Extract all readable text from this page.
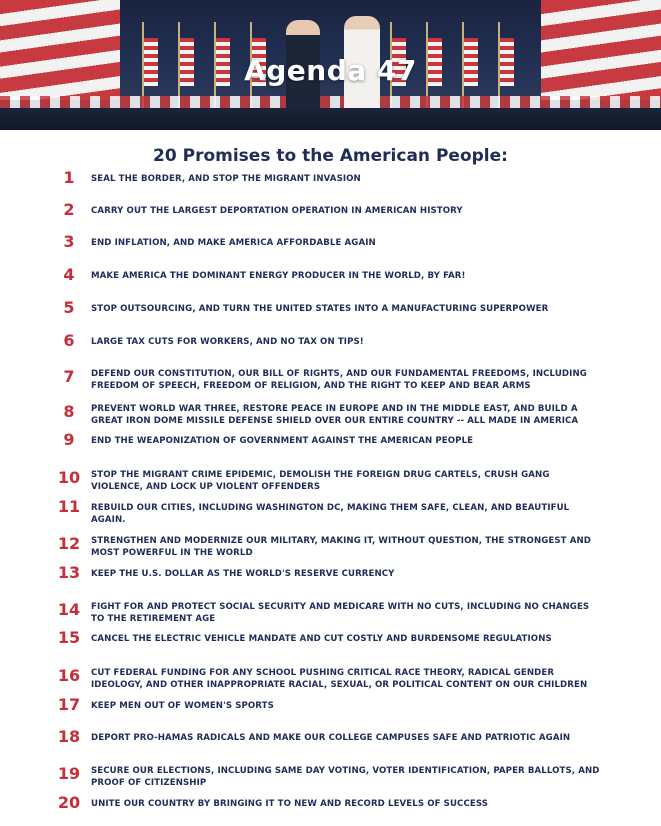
Agenda 47
20 Promises to the American People:
1	SEAL THE BORDER, AND STOP THE MIGRANT INVASION
2	CARRY OUT THE LARGEST DEPORTATION OPERATION IN AMERICAN HISTORY
3	END INFLATION, AND MAKE AMERICA AFFORDABLE AGAIN
4	MAKE AMERICA THE DOMINANT ENERGY PRODUCER IN THE WORLD, BY FAR!
5	STOP OUTSOURCING, AND TURN THE UNITED STATES INTO A MANUFACTURING SUPERPOWER
6	LARGE TAX CUTS FOR WORKERS, AND NO TAX ON TIPS!
7	DEFEND OUR CONSTITUTION, OUR BILL OF RIGHTS, AND OUR FUNDAMENTAL FREEDOMS, INCLUDING FREEDOM OF SPEECH, FREEDOM OF RELIGION, AND THE RIGHT TO KEEP AND BEAR ARMS
8	PREVENT WORLD WAR THREE, RESTORE PEACE IN EUROPE AND IN THE MIDDLE EAST, AND BUILD A GREAT IRON DOME MISSILE DEFENSE SHIELD OVER OUR ENTIRE COUNTRY -- ALL MADE IN AMERICA
9	END THE WEAPONIZATION OF GOVERNMENT AGAINST THE AMERICAN PEOPLE
10	STOP THE MIGRANT CRIME EPIDEMIC, DEMOLISH THE FOREIGN DRUG CARTELS, CRUSH GANG VIOLENCE, AND LOCK UP VIOLENT OFFENDERS
11	REBUILD OUR CITIES, INCLUDING WASHINGTON DC, MAKING THEM SAFE, CLEAN, AND BEAUTIFUL AGAIN.
12	STRENGTHEN AND MODERNIZE OUR MILITARY, MAKING IT, WITHOUT QUESTION, THE STRONGEST AND MOST POWERFUL IN THE WORLD
13	KEEP THE U.S. DOLLAR AS THE WORLD'S RESERVE CURRENCY
14	FIGHT FOR AND PROTECT SOCIAL SECURITY AND MEDICARE WITH NO CUTS, INCLUDING NO CHANGES TO THE RETIREMENT AGE
15	CANCEL THE ELECTRIC VEHICLE MANDATE AND CUT COSTLY AND BURDENSOME REGULATIONS
16	CUT FEDERAL FUNDING FOR ANY SCHOOL PUSHING CRITICAL RACE THEORY, RADICAL GENDER IDEOLOGY, AND OTHER INAPPROPRIATE RACIAL, SEXUAL, OR POLITICAL CONTENT ON OUR CHILDREN
17	KEEP MEN OUT OF WOMEN'S SPORTS
18	DEPORT PRO-HAMAS RADICALS AND MAKE OUR COLLEGE CAMPUSES SAFE AND PATRIOTIC AGAIN
19	SECURE OUR ELECTIONS, INCLUDING SAME DAY VOTING, VOTER IDENTIFICATION, PAPER BALLOTS, AND PROOF OF CITIZENSHIP
20	UNITE OUR COUNTRY BY BRINGING IT TO NEW AND RECORD LEVELS OF SUCCESS
